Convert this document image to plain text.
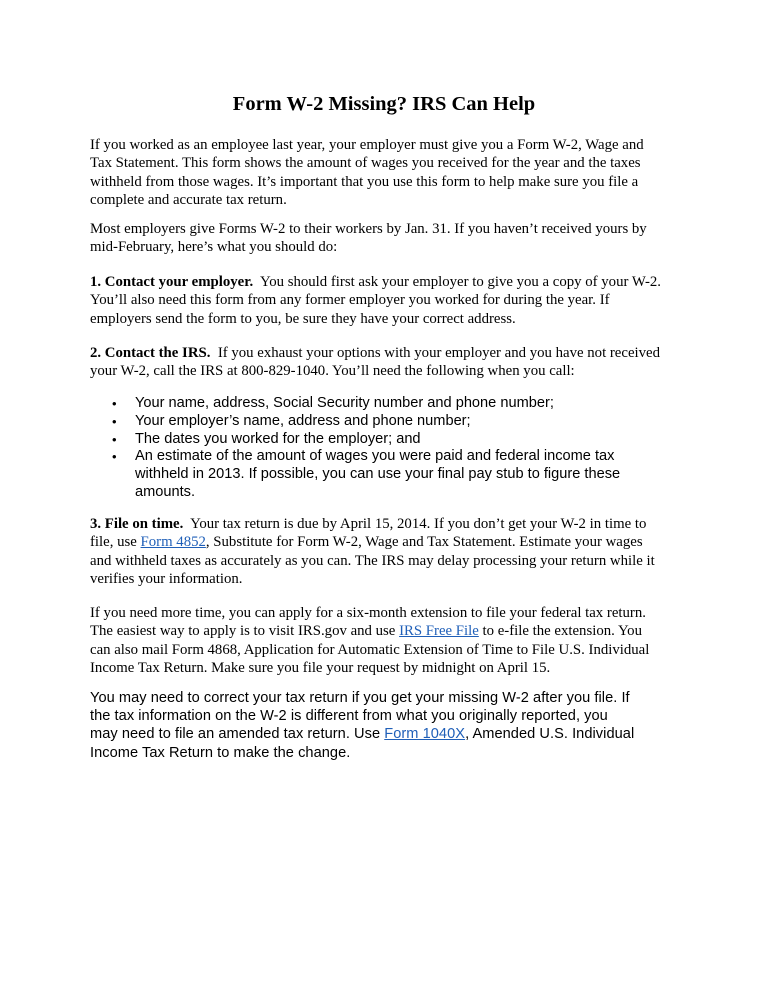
Form W-2 Missing? IRS Can Help

If you worked as an employee last year, your employer must give you a Form W-2, Wage and
Tax Statement. This form shows the amount of wages you received for the year and the taxes
withheld from those wages. It’s important that you use this form to help make sure you file a
complete and accurate tax return.

Most employers give Forms W-2 to their workers by Jan. 31. If you haven’t received yours by
mid-February, here’s what you should do:

1. Contact your employer.  You should first ask your employer to give you a copy of your W-2.
You’ll also need this form from any former employer you worked for during the year. If
employers send the form to you, be sure they have your correct address.

2. Contact the IRS.  If you exhaust your options with your employer and you have not received
your W-2, call the IRS at 800-829-1040. You’ll need the following when you call:

• Your name, address, Social Security number and phone number;
• Your employer’s name, address and phone number;
• The dates you worked for the employer; and
• An estimate of the amount of wages you were paid and federal income tax
withheld in 2013. If possible, you can use your final pay stub to figure these
amounts.

3. File on time.  Your tax return is due by April 15, 2014. If you don’t get your W-2 in time to
file, use Form 4852, Substitute for Form W-2, Wage and Tax Statement. Estimate your wages
and withheld taxes as accurately as you can. The IRS may delay processing your return while it
verifies your information.

If you need more time, you can apply for a six-month extension to file your federal tax return.
The easiest way to apply is to visit IRS.gov and use IRS Free File to e-file the extension. You
can also mail Form 4868, Application for Automatic Extension of Time to File U.S. Individual
Income Tax Return. Make sure you file your request by midnight on April 15.

You may need to correct your tax return if you get your missing W-2 after you file. If
the tax information on the W-2 is different from what you originally reported, you
may need to file an amended tax return. Use Form 1040X, Amended U.S. Individual
Income Tax Return to make the change.
